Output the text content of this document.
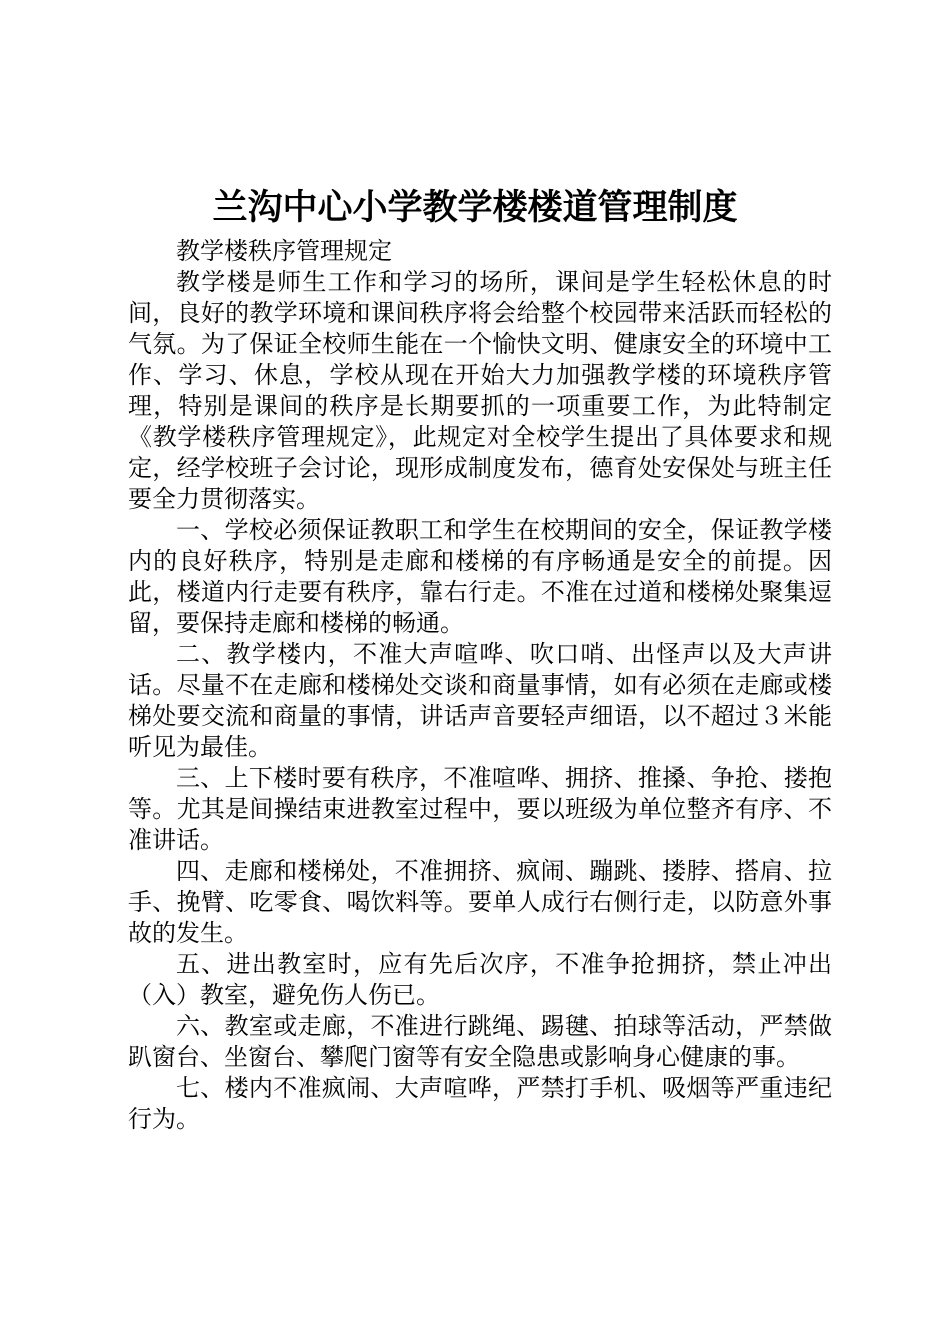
兰沟中心小学教学楼楼道管理制度

教学楼秩序管理规定

教学楼是师生工作和学习的场所，课间是学生轻松休息的时间，良好的教学环境和课间秩序将会给整个校园带来活跃而轻松的气氛。为了保证全校师生能在一个愉快文明、健康安全的环境中工作、学习、休息，学校从现在开始大力加强教学楼的环境秩序管理，特别是课间的秩序是长期要抓的一项重要工作，为此特制定《教学楼秩序管理规定》，此规定对全校学生提出了具体要求和规定，经学校班子会讨论，现形成制度发布，德育处安保处与班主任要全力贯彻落实。

一、学校必须保证教职工和学生在校期间的安全，保证教学楼内的良好秩序，特别是走廊和楼梯的有序畅通是安全的前提。因此，楼道内行走要有秩序，靠右行走。不准在过道和楼梯处聚集逗留，要保持走廊和楼梯的畅通。

二、教学楼内，不准大声喧哗、吹口哨、出怪声以及大声讲话。尽量不在走廊和楼梯处交谈和商量事情，如有必须在走廊或楼梯处要交流和商量的事情，讲话声音要轻声细语，以不超过３米能听见为最佳。

三、上下楼时要有秩序，不准喧哗、拥挤、推搡、争抢、搂抱等。尤其是间操结束进教室过程中，要以班级为单位整齐有序、不准讲话。

四、走廊和楼梯处，不准拥挤、疯闹、蹦跳、搂脖、搭肩、拉手、挽臂、吃零食、喝饮料等。要单人成行右侧行走，以防意外事故的发生。

五、进出教室时，应有先后次序，不准争抢拥挤，禁止冲出（入）教室，避免伤人伤已。

六、教室或走廊，不准进行跳绳、踢毽、拍球等活动，严禁做趴窗台、坐窗台、攀爬门窗等有安全隐患或影响身心健康的事。

七、楼内不准疯闹、大声喧哗，严禁打手机、吸烟等严重违纪行为。
